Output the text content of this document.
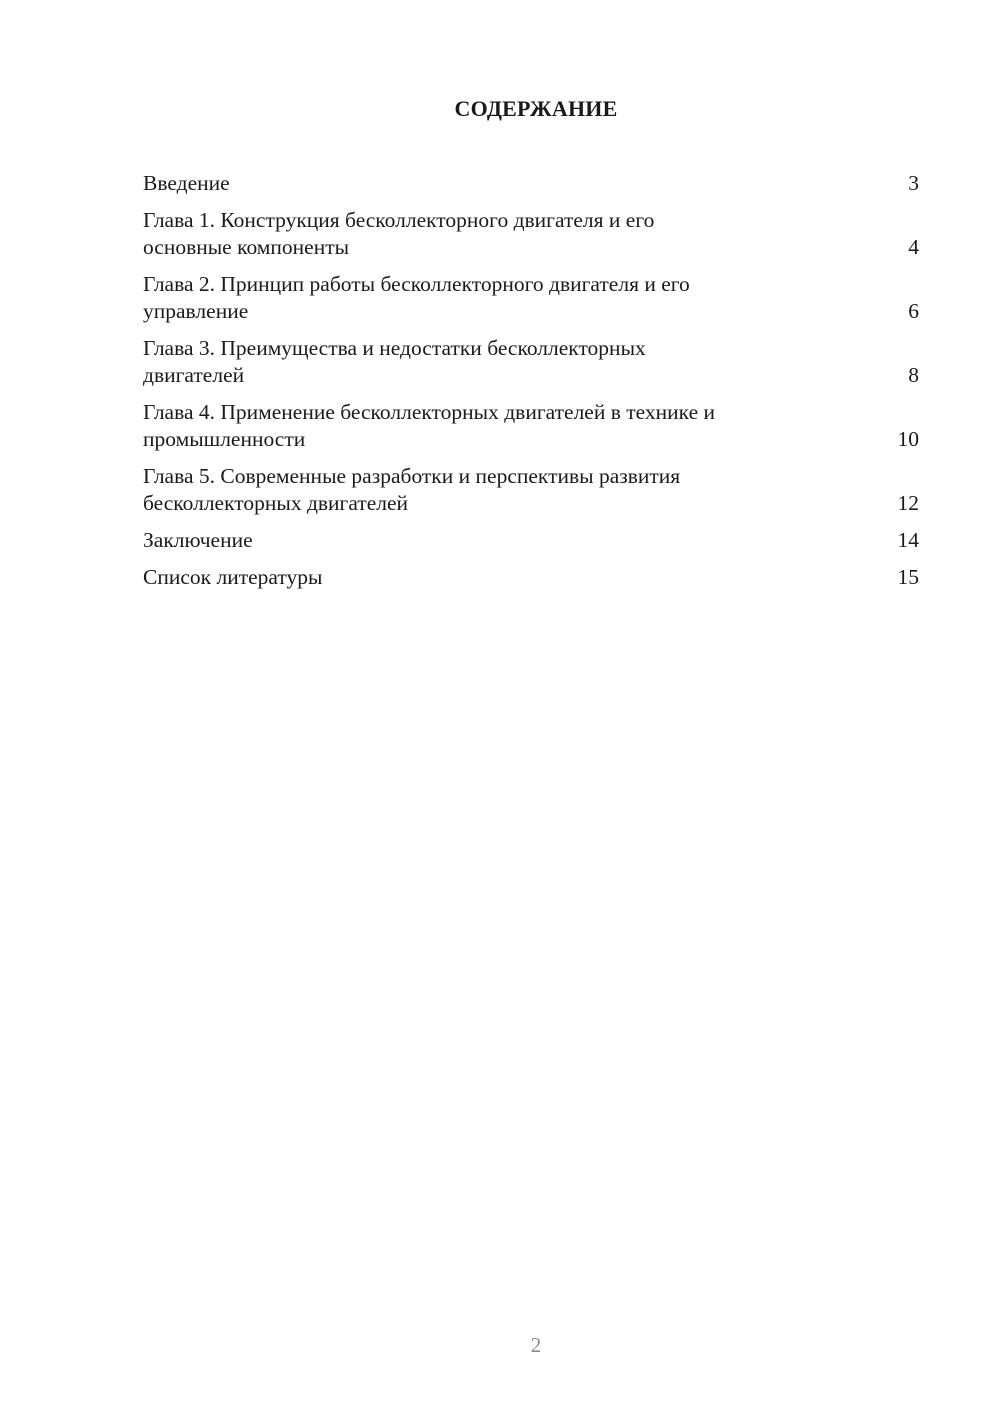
СОДЕРЖАНИЕ
Введение	3
Глава 1. Конструкция бесколлекторного двигателя и его
основные компоненты	4
Глава 2. Принцип работы бесколлекторного двигателя и его
управление	6
Глава 3. Преимущества и недостатки бесколлекторных
двигателей	8
Глава 4. Применение бесколлекторных двигателей в технике и
промышленности	10
Глава 5. Современные разработки и перспективы развития
бесколлекторных двигателей	12
Заключение	14
Список литературы	15
2
